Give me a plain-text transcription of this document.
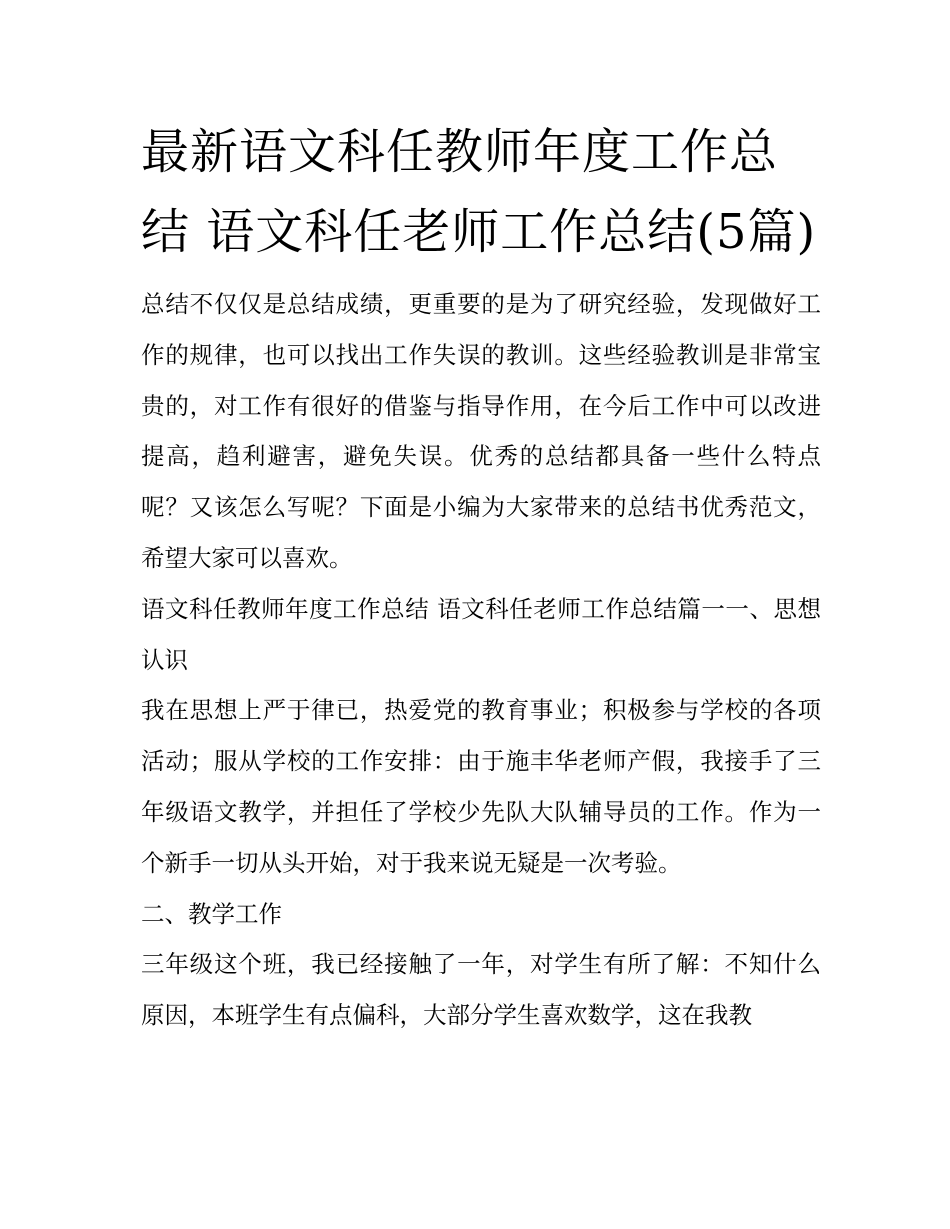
最新语文科任教师年度工作总结 语文科任老师工作总结(5篇)

总结不仅仅是总结成绩，更重要的是为了研究经验，发现做好工作的规律，也可以找出工作失误的教训。这些经验教训是非常宝贵的，对工作有很好的借鉴与指导作用，在今后工作中可以改进提高，趋利避害，避免失误。优秀的总结都具备一些什么特点呢？又该怎么写呢？下面是小编为大家带来的总结书优秀范文，希望大家可以喜欢。

语文科任教师年度工作总结 语文科任老师工作总结篇一一、思想认识

我在思想上严于律已，热爱党的教育事业；积极参与学校的各项活动；服从学校的工作安排：由于施丰华老师产假，我接手了三年级语文教学，并担任了学校少先队大队辅导员的工作。作为一个新手一切从头开始，对于我来说无疑是一次考验。

二、教学工作

三年级这个班，我已经接触了一年，对学生有所了解：不知什么原因，本班学生有点偏科，大部分学生喜欢数学，这在我教
